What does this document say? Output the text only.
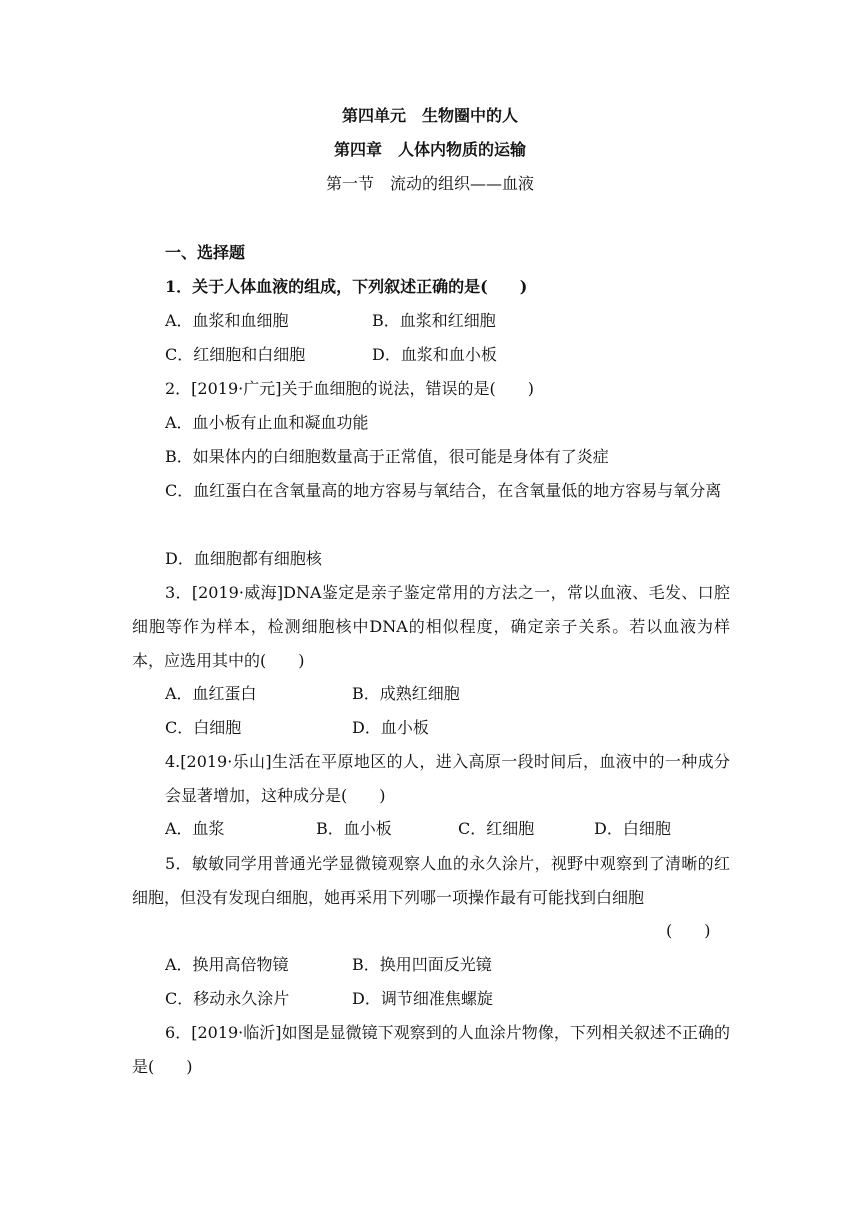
第四单元　生物圈中的人
第四章　人体内物质的运输
第一节　流动的组织——血液
一、选择题
1．关于人体血液的组成，下列叙述正确的是(　　)
A．血浆和血细胞	B．血浆和红细胞
C．红细胞和白细胞	D．血浆和血小板
2．[2019·广元]关于血细胞的说法，错误的是(　　)
A．血小板有止血和凝血功能
B．如果体内的白细胞数量高于正常值，很可能是身体有了炎症
C．血红蛋白在含氧量高的地方容易与氧结合，在含氧量低的地方容易与氧分离
D．血细胞都有细胞核
3．[2019·威海]DNA鉴定是亲子鉴定常用的方法之一，常以血液、毛发、口腔细胞等作为样本，检测细胞核中DNA的相似程度，确定亲子关系。若以血液为样本，应选用其中的(　　)
A．血红蛋白	B．成熟红细胞
C．白细胞	D．血小板
4.[2019·乐山]生活在平原地区的人，进入高原一段时间后，血液中的一种成分会显著增加，这种成分是(　　)
A．血浆	B．血小板	C．红细胞	D．白细胞
5．敏敏同学用普通光学显微镜观察人血的永久涂片，视野中观察到了清晰的红细胞，但没有发现白细胞，她再采用下列哪一项操作最有可能找到白细胞
(　　)
A．换用高倍物镜	B．换用凹面反光镜
C．移动永久涂片	D．调节细准焦螺旋
6．[2019·临沂]如图是显微镜下观察到的人血涂片物像，下列相关叙述不正确的是(　　)
